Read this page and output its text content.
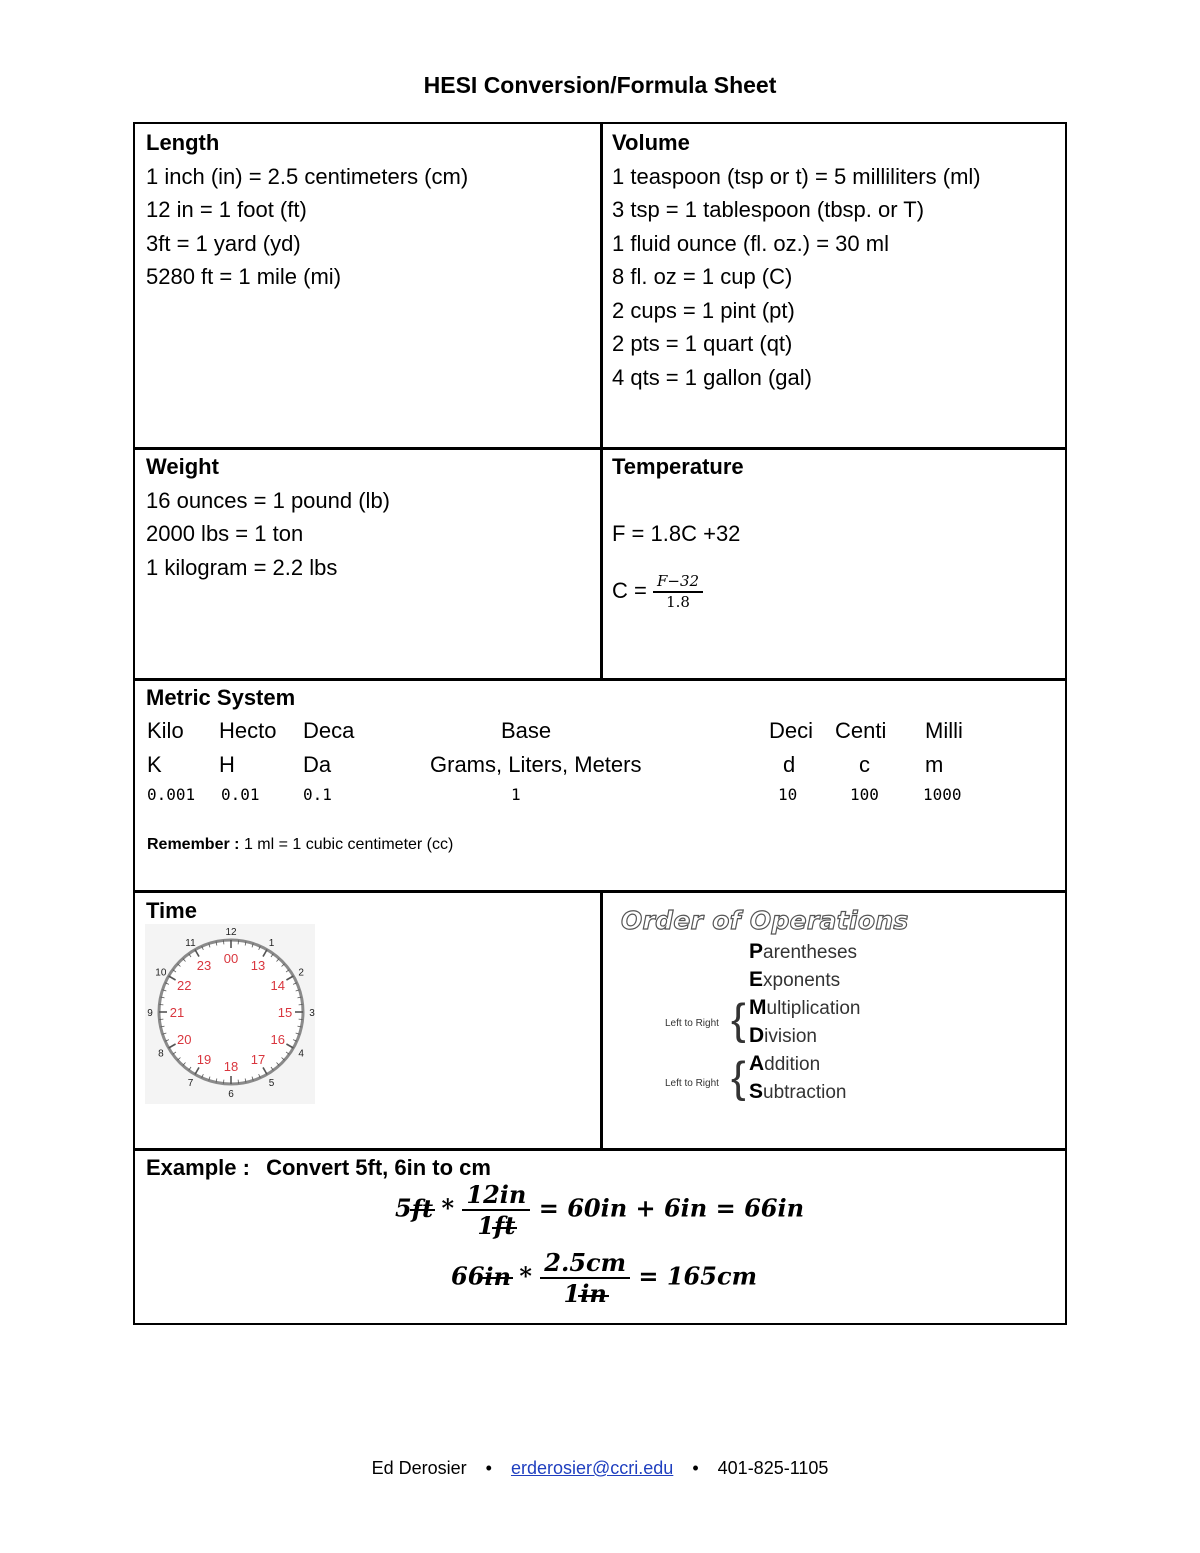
HESI Conversion/Formula Sheet
Length
1 inch (in) = 2.5 centimeters (cm)
12 in = 1 foot (ft)
3ft = 1 yard (yd)
5280 ft = 1 mile (mi)
Volume
1 teaspoon (tsp or t) = 5 milliliters (ml)
3 tsp = 1 tablespoon (tbsp. or T)
1 fluid ounce (fl. oz.) = 30 ml
8 fl. oz = 1 cup (C)
2 cups = 1 pint (pt)
2 pts = 1 quart (qt)
4 qts = 1 gallon (gal)
Weight
16 ounces = 1 pound (lb)
2000 lbs = 1 ton
1 kilogram = 2.2 lbs
Temperature
F = 1.8C +32
$C = \frac{F-32}{1.8}$
Metric System
Kilo Hecto Deca	Base	Deci Centi Milli
K	H	Da	Grams, Liters, Meters	d	c	m
0.001 0.01	0.1	1	10	100	1000
Remember : 1 ml = 1 cubic centimeter (cc)
Time
12
1
2
3
4
5
6
7
8
9
10
11
00 13
14
15
16
17
18
19
20
21
22
23
Order of Operations
Parentheses
Exponents
Multiplication
Division
Addition
Subtraction
Left to Right {
Left to Right {
Example : Convert 5ft, 6in to cm
$5ft * \frac{12in}{1ft} = 60in + 6in = 66in$
$66in * \frac{2.5cm}{1in} = 165cm$
Ed Derosier • erderosier@ccri.edu • 401-825-1105
